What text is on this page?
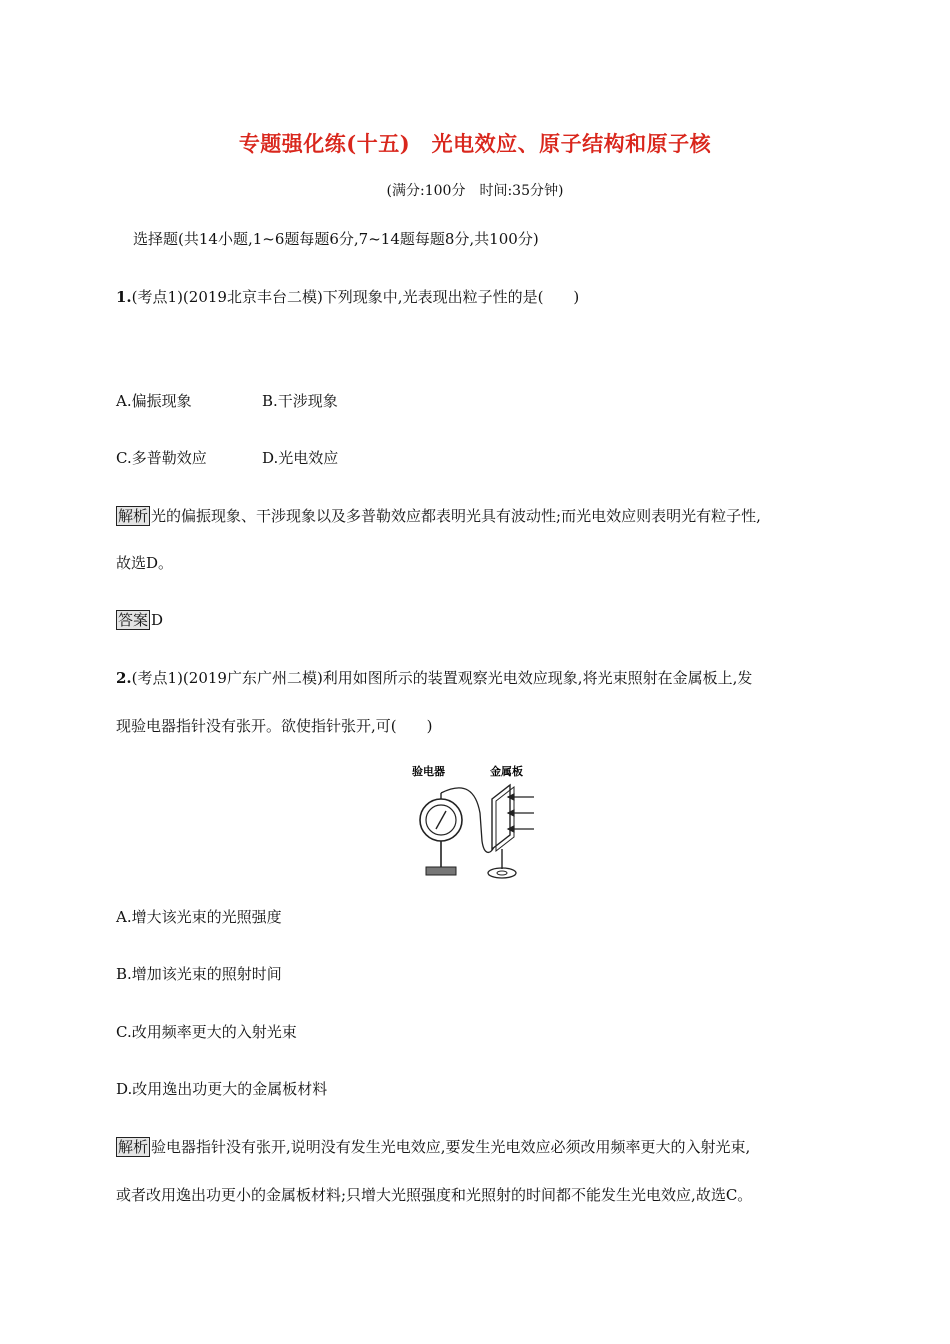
专题强化练(十五)　光电效应、原子结构和原子核
(满分:100分　时间:35分钟)
选择题(共14小题,1~6题每题6分,7~14题每题8分,共100分)
1.(考点1)(2019北京丰台二模)下列现象中,光表现出粒子性的是(　　)
A.偏振现象	B.干涉现象
C.多普勒效应	D.光电效应
解析 光的偏振现象、干涉现象以及多普勒效应都表明光具有波动性;而光电效应则表明光有粒子性,
故选D。
答案 D
2.(考点1)(2019广东广州二模)利用如图所示的装置观察光电效应现象,将光束照射在金属板上,发
现验电器指针没有张开。欲使指针张开,可(　　)
验电器	金属板
A.增大该光束的光照强度
B.增加该光束的照射时间
C.改用频率更大的入射光束
D.改用逸出功更大的金属板材料
解析 验电器指针没有张开,说明没有发生光电效应,要发生光电效应必须改用频率更大的入射光束,
或者改用逸出功更小的金属板材料;只增大光照强度和光照射的时间都不能发生光电效应,故选C。
